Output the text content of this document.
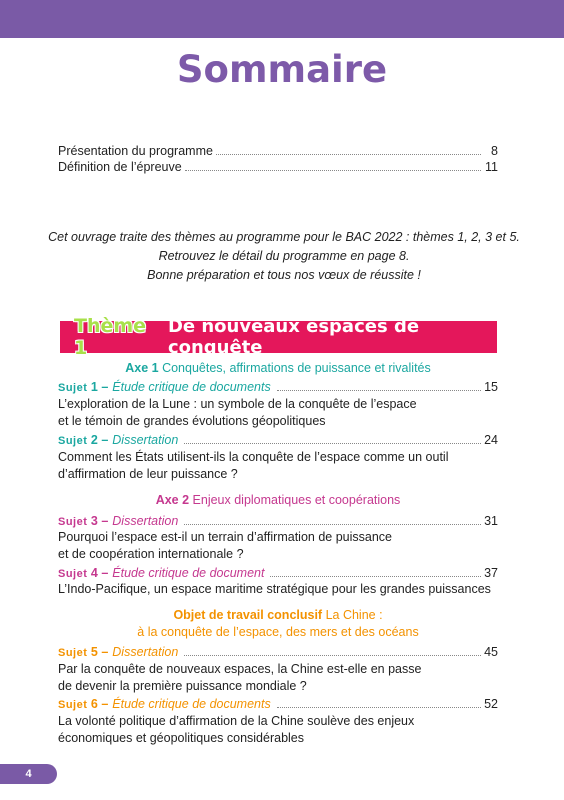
Sommaire
Présentation du programme	8
Définition de l’épreuve	11
Cet ouvrage traite des thèmes au programme pour le BAC 2022 : thèmes 1, 2, 3 et 5.
Retrouvez le détail du programme en page 8.
Bonne préparation et tous nos vœux de réussite !
Thème 1
De nouveaux espaces de conquête
Axe 1 Conquêtes, affirmations de puissance et rivalités
Sujet
1 – Étude critique de documents	15
L’exploration de la Lune : un symbole de la conquête de l’espace
et le témoin de grandes évolutions géopolitiques
Sujet
2 – Dissertation	24
Comment les États utilisent-ils la conquête de l’espace comme un outil
d’affirmation de leur puissance ?
Axe 2 Enjeux diplomatiques et coopérations
Sujet
3 – Dissertation	31
Pourquoi l’espace est-il un terrain d’affirmation de puissance
et de coopération internationale ?
Sujet
4 – Étude critique de document	37
L’Indo-Pacifique, un espace maritime stratégique pour les grandes puissances
Objet de travail conclusif La Chine :
à la conquête de l’espace, des mers et des océans
Sujet
5 – Dissertation	45
Par la conquête de nouveaux espaces, la Chine est-elle en passe
de devenir la première puissance mondiale ?
Sujet
6 – Étude critique de documents	52
La volonté politique d’affirmation de la Chine soulève des enjeux
économiques et géopolitiques considérables
4
